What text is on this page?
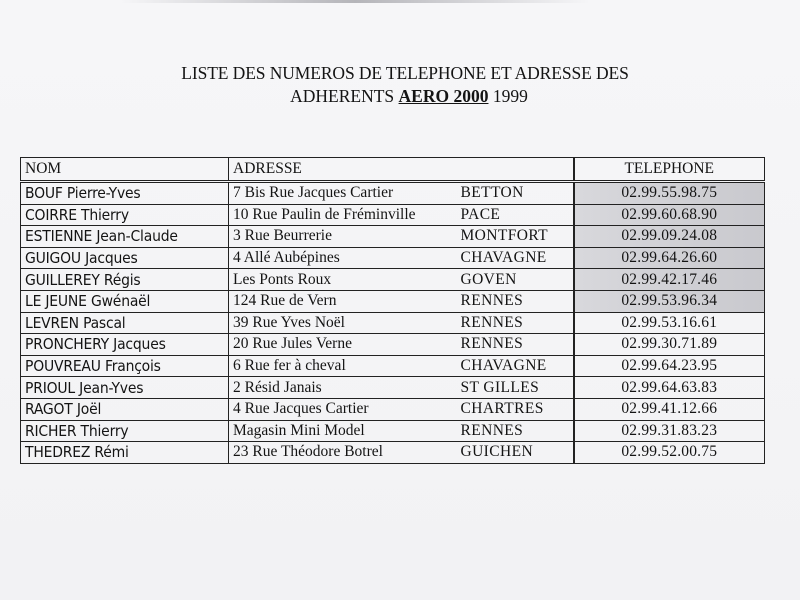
LISTE DES NUMEROS DE TELEPHONE ET ADRESSE DES
ADHERENTS AERO 2000 1999
NOM	ADRESSE		TELEPHONE
BOUF Pierre-Yves	7 Bis Rue Jacques Cartier	BETTON	02.99.55.98.75
COIRRE Thierry	10 Rue Paulin de Fréminville	PACE	02.99.60.68.90
ESTIENNE Jean-Claude	3 Rue Beurrerie	MONTFORT	02.99.09.24.08
GUIGOU Jacques	4 Allé Aubépines	CHAVAGNE	02.99.64.26.60
GUILLEREY Régis	Les Ponts Roux	GOVEN	02.99.42.17.46
LE JEUNE Gwénaël	124 Rue de Vern	RENNES	02.99.53.96.34
LEVREN Pascal	39 Rue Yves Noël	RENNES	02.99.53.16.61
PRONCHERY Jacques	20 Rue Jules Verne	RENNES	02.99.30.71.89
POUVREAU François	6 Rue fer à cheval	CHAVAGNE	02.99.64.23.95
PRIOUL Jean-Yves	2 Résid Janais	ST GILLES	02.99.64.63.83
RAGOT Joël	4 Rue Jacques Cartier	CHARTRES	02.99.41.12.66
RICHER Thierry	Magasin Mini Model	RENNES	02.99.31.83.23
THEDREZ Rémi	23 Rue Théodore Botrel	GUICHEN	02.99.52.00.75
